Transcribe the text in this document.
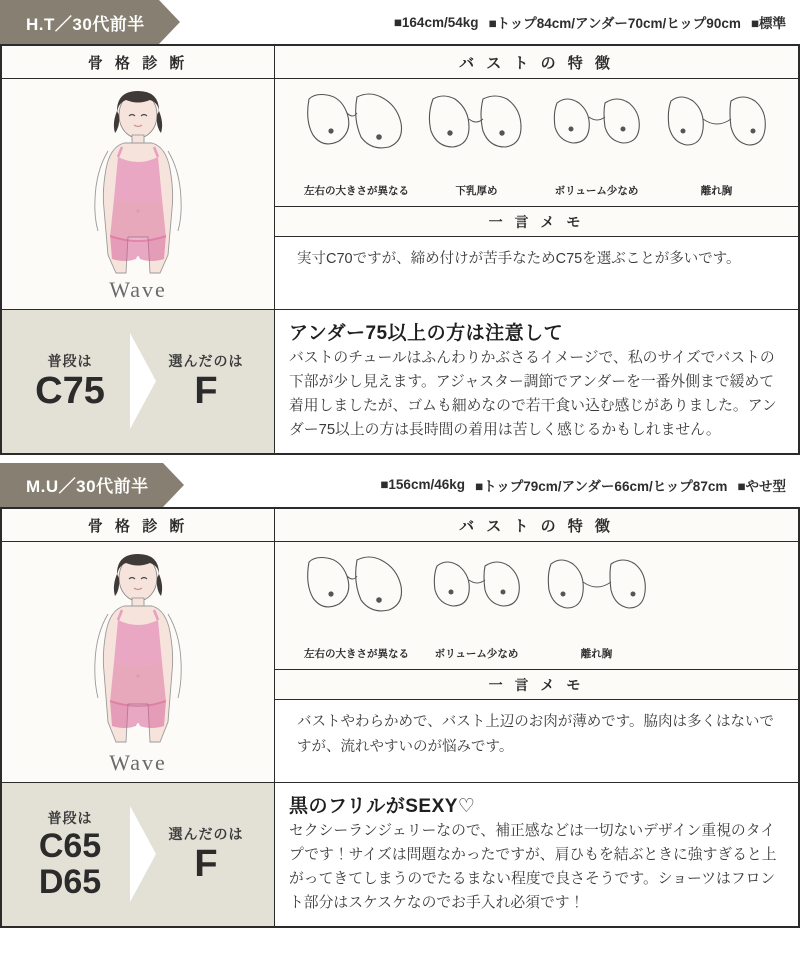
H.T／30代前半	■164cm/54kg ■トップ84cm/アンダー70cm/ヒップ90cm ■標準
骨 格 診 断
Wave
バ ス ト の 特 徴
左右の大きさが異なる	下乳厚め	ボリューム少なめ	離れ胸
一 言 メ モ
実寸C70ですが、締め付けが苦手なためC75を選ぶことが多いです。
普段は
C75
選んだのは
F
アンダー75以上の方は注意して
バストのチュールはふんわりかぶさるイメージで、私のサイズでバストの下部が少し見えます。アジャスター調節でアンダーを一番外側まで緩めて着用しましたが、ゴムも細めなので若干食い込む感じがありました。アンダー75以上の方は長時間の着用は苦しく感じるかもしれません。
M.U／30代前半	■156cm/46kg ■トップ79cm/アンダー66cm/ヒップ87cm ■やせ型
骨 格 診 断
Wave
バ ス ト の 特 徴
左右の大きさが異なる ボリューム少なめ	離れ胸
一 言 メ モ
バストやわらかめで、バスト上辺のお肉が薄めです。脇肉は多くはないですが、流れやすいのが悩みです。
普段は
C65
D65
選んだのは
F
黒のフリルがSEXY♡
セクシーランジェリーなので、補正感などは一切ないデザイン重視のタイプです！サイズは問題なかったですが、肩ひもを結ぶときに強すぎると上がってきてしまうのでたるまない程度で良さそうです。ショーツはフロント部分はスケスケなのでお手入れ必須です！
